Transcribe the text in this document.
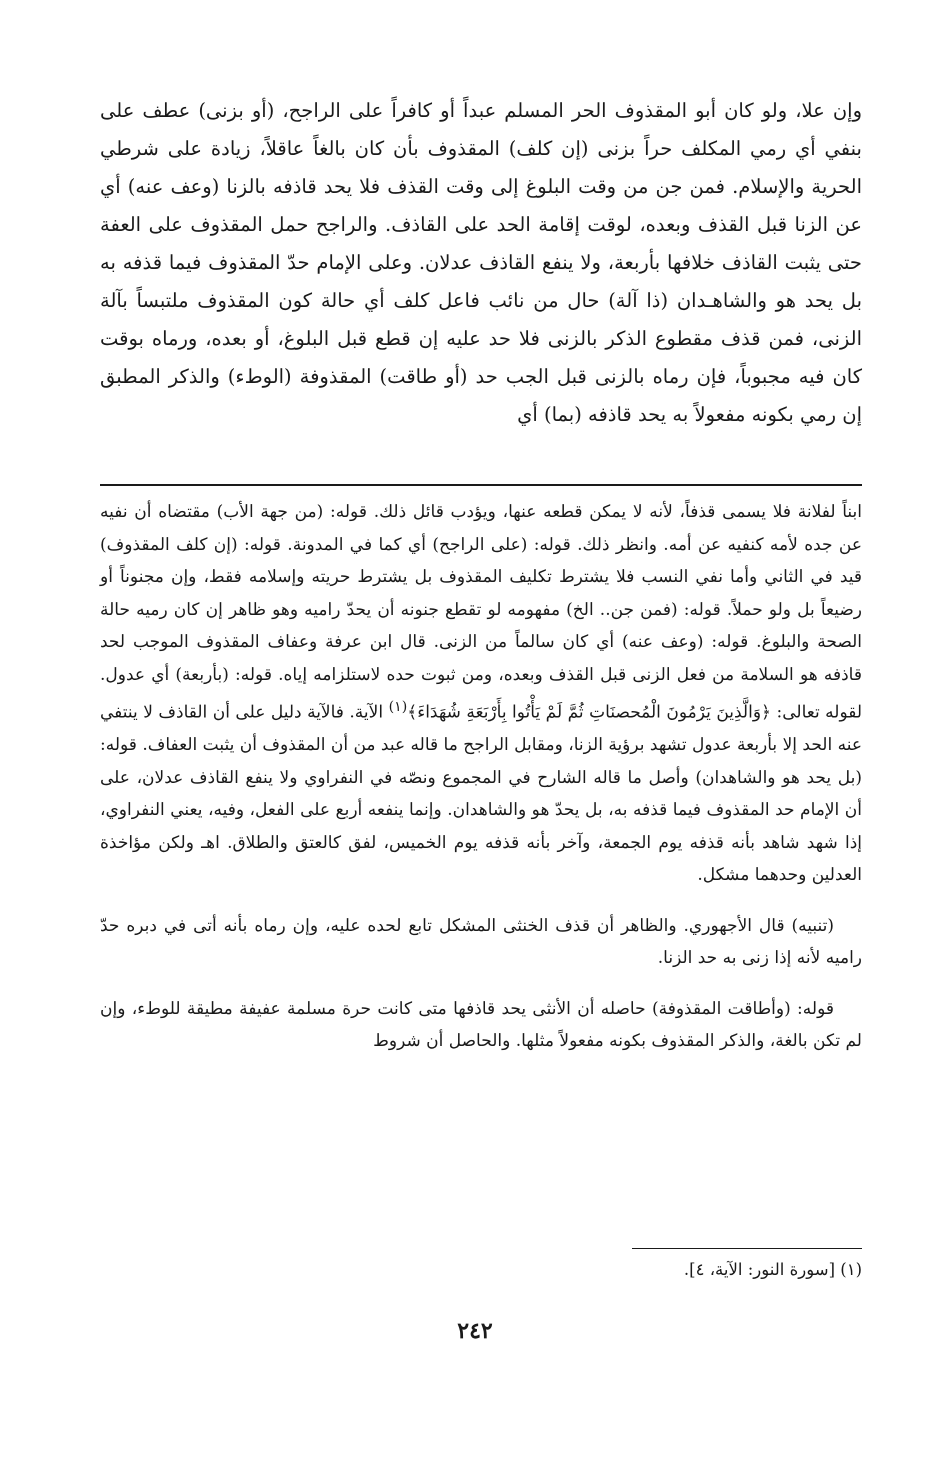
وإن علا، ولو كان أبو المقذوف الحر المسلم عبداً أو كافراً على الراجح، (أو بزنى) عطف على بنفي أي رمي المكلف حراً بزنى (إن كلف) المقذوف بأن كان بالغاً عاقلاً، زيادة على شرطي الحرية والإسلام. فمن جن من وقت البلوغ إلى وقت القذف فلا يحد قاذفه بالزنا (وعف عنه) أي عن الزنا قبل القذف وبعده، لوقت إقامة الحد على القاذف. والراجح حمل المقذوف على العفة حتى يثبت القاذف خلافها بأربعة، ولا ينفع القاذف عدلان. وعلى الإمام حدّ المقذوف فيما قذفه به بل يحد هو والشاهـدان (ذا آلة) حال من نائب فاعل كلف أي حالة كون المقذوف ملتبساً بآلة الزنى، فمن قذف مقطوع الذكر بالزنى فلا حد عليه إن قطع قبل البلوغ، أو بعده، ورماه بوقت كان فيه مجبوباً، فإن رماه بالزنى قبل الجب حد (أو طاقت) المقذوفة (الوطء) والذكر المطبق إن رمي بكونه مفعولاً به يحد قاذفه (بما) أي

ابناً لفلانة فلا يسمى قذفاً، لأنه لا يمكن قطعه عنها، ويؤدب قائل ذلك. قوله: (من جهة الأب) مقتضاه أن نفيه عن جده لأمه كنفيه عن أمه. وانظر ذلك. قوله: (على الراجح) أي كما في المدونة. قوله: (إن كلف المقذوف) قيد في الثاني وأما نفي النسب فلا يشترط تكليف المقذوف بل يشترط حريته وإسلامه فقط، وإن مجنوناً أو رضيعاً بل ولو حملاً. قوله: (فمن جن.. الخ) مفهومه لو تقطع جنونه أن يحدّ راميه وهو ظاهر إن كان رميه حالة الصحة والبلوغ. قوله: (وعف عنه) أي كان سالماً من الزنى. قال ابن عرفة وعفاف المقذوف الموجب لحد قاذفه هو السلامة من فعل الزنى قبل القذف وبعده، ومن ثبوت حده لاستلزامه إياه. قوله: (بأربعة) أي عدول. لقوله تعالى: ﴿وَالَّذِينَ يَرْمُونَ الْمُحصنَاتِ ثُمَّ لَمْ يَأْتُوا بِأَرْبَعَةِ شُهَدَاءَ﴾$^{(١)}$ الآية. فالآية دليل على أن القاذف لا ينتفي عنه الحد إلا بأربعة عدول تشهد برؤية الزنا، ومقابل الراجح ما قاله عبد من أن المقذوف أن يثبت العفاف. قوله: (بل يحد هو والشاهدان) وأصل ما قاله الشارح في المجموع ونصّه في النفراوي ولا ينفع القاذف عدلان، على أن الإمام حد المقذوف فيما قذفه به، بل يحدّ هو والشاهدان. وإنما ينفعه أربع على الفعل، وفيه، يعني النفراوي، إذا شهد شاهد بأنه قذفه يوم الجمعة، وآخر بأنه قذفه يوم الخميس، لفق كالعتق والطلاق. اهـ ولكن مؤاخذة العدلين وحدهما مشكل.

(تنبيه) قال الأجهوري. والظاهر أن قذف الخنثى المشكل تابع لحده عليه، وإن رماه بأنه أتى في دبره حدّ راميه لأنه إذا زنى به حد الزنا.

قوله: (وأطاقت المقذوفة) حاصله أن الأنثى يحد قاذفها متى كانت حرة مسلمة عفيفة مطيقة للوطء، وإن لم تكن بالغة، والذكر المقذوف بكونه مفعولاً مثلها. والحاصل أن شروط

(١) [سورة النور: الآية، ٤].
٢٤٢
